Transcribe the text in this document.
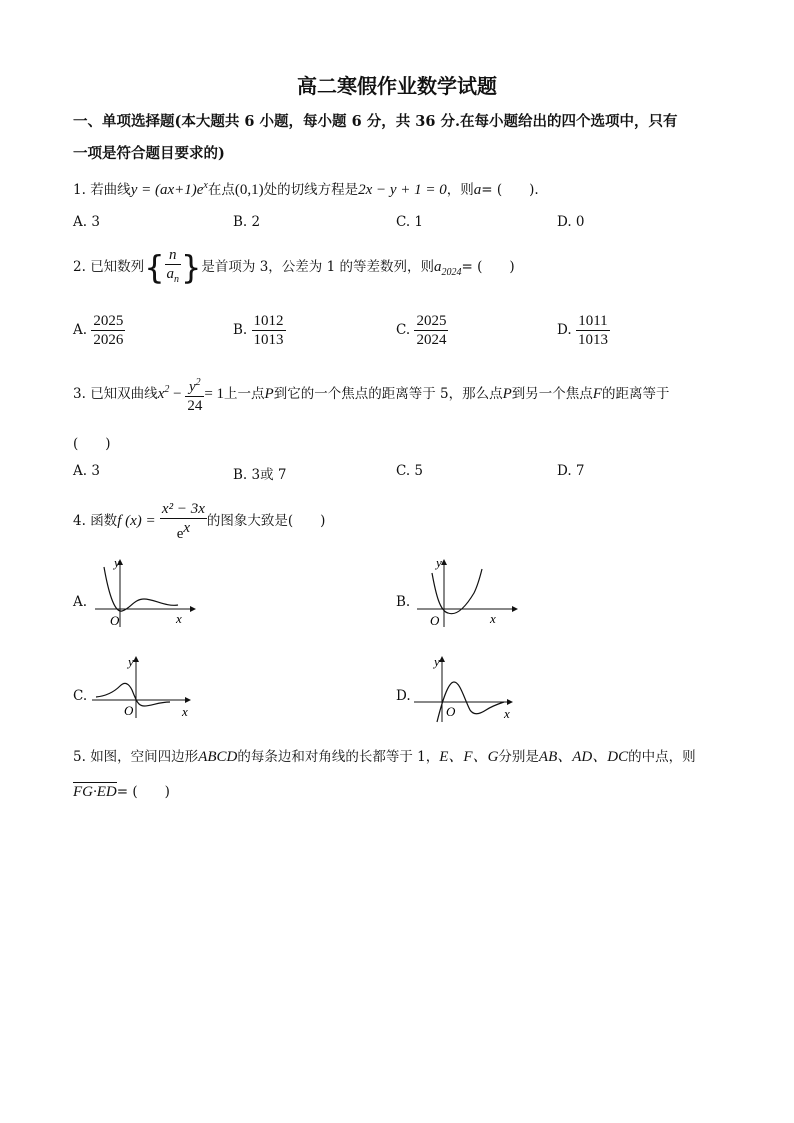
高二寒假作业数学试题
一、单项选择题(本大题共 6 小题，每小题 6 分，共 36 分.在每小题给出的四个选项中，只有
一项是符合题目要求的)
1. 若曲线$y = (ax+1)e^x$在点(0,1)处的切线方程是2x − y + 1 = 0，则a= (　　).
A. 3	B. 2	C. 1	D. 0
2. 已知数列{ $\frac{n}{a_n}$ }是首项为 3，公差为 1 的等差数列，则$a_{2024}=$ (　　)
A. $\frac{2025}{2026}$	B. $\frac{1012}{1013}$	C. $\frac{2025}{2024}$	D. $\frac{1011}{1013}$
3. 已知双曲线$x^2 - \frac{y^2}{24} = 1$上一点P到它的一个焦点的距离等于 5，那么点P到另一个焦点F的距离等于
(　　)
A. 3	B. 3或 7	C. 5	D. 7
4. 函数f $(x) = \frac{\text{x² − 3x}}{e^x}$ 的图象大致是(　　)
A.
y
O	x
B.
y
O	x
C.
y
O	x
D.
y
O	x
5. 如图，空间四边形ABCD的每条边和对角线的长都等于 1，E、F、G分别是AB、AD、DC的中点，则
FG·ED= (　　)
